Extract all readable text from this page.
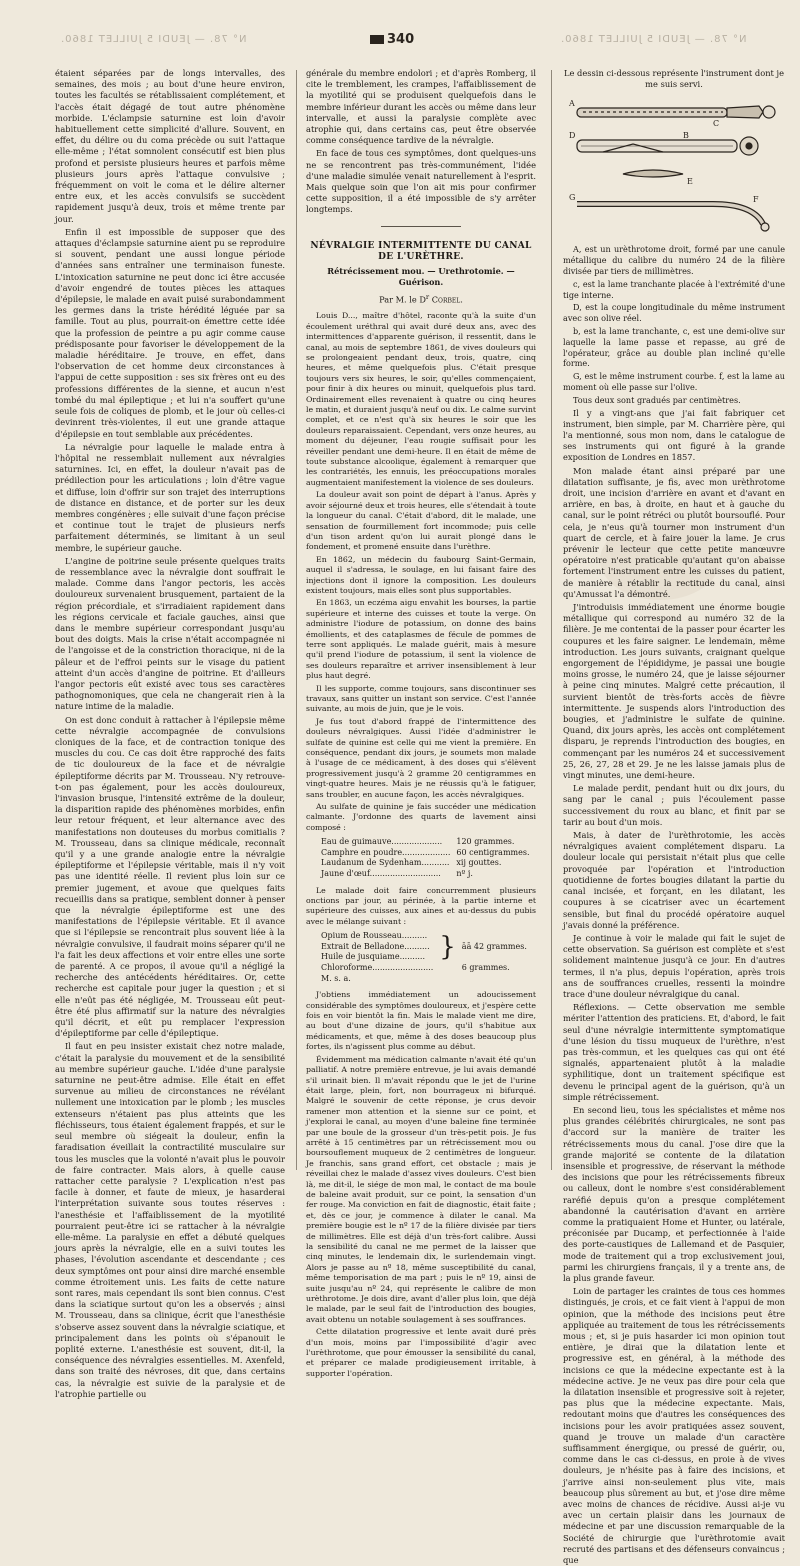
N° 78. — JEUDI 5 JUILLET 1860.	340	N° 78. — JEUDI 5 JUILLET 1860.

étaient séparées par de longs intervalles, des semaines, des mois ; au bout d'une heure environ, toutes les facultés se rétablissaient complétement, et l'accès était dégagé de tout autre phénomène morbide. L'éclampsie saturnine est loin d'avoir habituellement cette simplicité d'allure. Souvent, en effet, du délire ou du coma précède ou suit l'attaque elle-même ; l'état somnolent consécutif est bien plus profond et persiste plusieurs heures et parfois même plusieurs jours après l'attaque convulsive ; fréquemment on voit le coma et le délire alterner entre eux, et les accès convulsifs se succèdent rapidement jusqu'à deux, trois et même trente par jour.

Enfin il est impossible de supposer que des attaques d'éclampsie saturnine aient pu se reproduire si souvent, pendant une aussi longue période d'années sans entraîner une terminaison funeste. L'intoxication saturnine ne peut donc ici être accusée d'avoir engendré de toutes pièces les attaques d'épilepsie, le malade en avait puisé surabondamment les germes dans la triste hérédité léguée par sa famille. Tout au plus, pourrait-on émettre cette idée que la profession de peintre a pu agir comme cause prédisposante pour favoriser le développement de la maladie héréditaire. Je trouve, en effet, dans l'observation de cet homme deux circonstances à l'appui de cette supposition : ses six frères ont eu des professions différentes de la sienne, et aucun n'est tombé du mal épileptique ; et lui n'a souffert qu'une seule fois de coliques de plomb, et le jour où celles-ci devinrent très-violentes, il eut une grande attaque d'épilepsie en tout semblable aux précédentes.

La névralgie pour laquelle le malade entra à l'hôpital ne ressemblait nullement aux névralgies saturnines. Ici, en effet, la douleur n'avait pas de prédilection pour les articulations ; loin d'être vague et diffuse, loin d'offrir sur son trajet des interruptions de distance en distance, et de porter sur les deux membres congénères ; elle suivait d'une façon précise et continue tout le trajet de plusieurs nerfs parfaitement déterminés, se limitant à un seul membre, le supérieur gauche.

L'angine de poitrine seule présente quelques traits de ressemblance avec la névralgie dont souffrait le malade. Comme dans l'angor pectoris, les accès douloureux survenaient brusquement, partaient de la région précordiale, et s'irradiaient rapidement dans les régions cervicale et faciale gauches, ainsi que dans le membre supérieur correspondant jusqu'au bout des doigts. Mais la crise n'était accompagnée ni de l'angoisse et de la constriction thoracique, ni de la pâleur et de l'effroi peints sur le visage du patient atteint d'un accès d'angine de poitrine. Et d'ailleurs l'angor pectoris eût existé avec tous ses caractères pathognomoniques, que cela ne changerait rien à la nature intime de la maladie.

On est donc conduit à rattacher à l'épilepsie même cette névralgie accompagnée de convulsions cloniques de la face, et de contraction tonique des muscles du cou. Ce cas doit être rapproché des faits de tic douloureux de la face et de névralgie épileptiforme décrits par M. Trousseau. N'y retrouve-t-on pas également, pour les accès douloureux, l'invasion brusque, l'intensité extrême de la douleur, la disparition rapide des phénomènes morbides, enfin leur retour fréquent, et leur alternance avec des manifestations non douteuses du morbus comitialis ? M. Trousseau, dans sa clinique médicale, reconnaît qu'il y a une grande analogie entre la névralgie épileptiforme et l'épilepsie véritable, mais il n'y voit pas une identité réelle. Il revient plus loin sur ce premier jugement, et avoue que quelques faits recueillis dans sa pratique, semblent donner à penser que la névralgie épileptiforme est une des manifestations de l'épilepsie véritable. Et il avance que si l'épilepsie se rencontrait plus souvent liée à la névralgie convulsive, il faudrait moins séparer qu'il ne l'a fait les deux affections et voir entre elles une sorte de parenté. A ce propos, il avoue qu'il a négligé la recherche des antécédents héréditaires. Or, cette recherche est capitale pour juger la question ; et si elle n'eût pas été négligée, M. Trousseau eût peut-être été plus affirmatif sur la nature des névralgies qu'il décrit, et eût pu remplacer l'expression d'épileptiforme par celle d'épileptique.

Il faut en peu insister existait chez notre malade, c'était la paralysie du mouvement et de la sensibilité au membre supérieur gauche. L'idée d'une paralysie saturnine ne peut-être admise. Elle était en effet survenue au milieu de circonstances ne révélant nullement une intoxication par le plomb ; les muscles extenseurs n'étaient pas plus atteints que les fléchisseurs, tous étaient également frappés, et sur le seul membre où siégeait la douleur, enfin la faradisation éveillait la contractilité musculaire sur tous les muscles que la volonté n'avait plus le pouvoir de faire contracter. Mais alors, à quelle cause rattacher cette paralysie ? L'explication n'est pas facile à donner, et faute de mieux, je hasarderai l'interprétation suivante sous toutes réserves : l'anesthésie et l'affaiblissement de la myotilité pourraient peut-être ici se rattacher à la névralgie elle-même. La paralysie en effet a débuté quelques jours après la névralgie, elle en a suivi toutes les phases, l'évolution ascendante et descendante ; ces deux symptômes ont pour ainsi dire marché ensemble comme étroitement unis. Les faits de cette nature sont rares, mais cependant ils sont bien connus. C'est dans la sciatique surtout qu'on les a observés ; ainsi M. Trousseau, dans sa clinique, écrit que l'anesthésie s'observe assez souvent dans la névralgie sciatique, et principalement dans les points où s'épanouit le poplité externe. L'anesthésie est souvent, dit-il, la conséquence des névralgies essentielles. M. Axenfeld, dans son traité des névroses, dit que, dans certains cas, la névralgie est suivie de la paralysie et de l'atrophie partielle ou

générale du membre endolori ; et d'après Romberg, il cite le tremblement, les crampes, l'affaiblissement de la myotilité qui se produisent quelquefois dans le membre inférieur durant les accès ou même dans leur intervalle, et aussi la paralysie complète avec atrophie qui, dans certains cas, peut être observée comme conséquence tardive de la névralgie.

En face de tous ces symptômes, dont quelques-uns ne se rencontrent pas très-communément, l'idée d'une maladie simulée venait naturellement à l'esprit. Mais quelque soin que l'on ait mis pour confirmer cette supposition, il a été impossible de s'y arrêter longtemps.

NÉVRALGIE INTERMITTENTE DU CANAL DE L'URÈTHRE.

Rétrécissement mou. — Urethrotomie. — Guérison.

Par M. le $D^r$ Corbel.

Louis D..., maître d'hôtel, raconte qu'à la suite d'un écoulement uréthral qui avait duré deux ans, avec des intermittences d'apparente guérison, il ressentit, dans le canal, au mois de septembre 1861, de vives douleurs qui se prolongeaient pendant deux, trois, quatre, cinq heures, et même quelquefois plus. C'était presque toujours vers six heures, le soir, qu'elles commençaient, pour finir à dix heures ou minuit, quelquefois plus tard. Ordinairement elles revenaient à quatre ou cinq heures le matin, et duraient jusqu'à neuf ou dix. Le calme survint complet, et ce n'est qu'à six heures le soir que les douleurs reparaissaient. Cependant, vers onze heures, au moment du déjeuner, l'eau rougie suffisait pour les réveiller pendant une demi-heure. Il en était de même de toute substance alcoolique, également à remarquer que les contrariétés, les ennuis, les préoccupations morales augmentaient manifestement la violence de ses douleurs.

La douleur avait son point de départ à l'anus. Après y avoir séjourné deux et trois heures, elle s'étendait à toute la longueur du canal. C'était d'abord, dit le malade, une sensation de fourmillement fort incommode; puis celle d'un tison ardent qu'on lui aurait plongé dans le fondement, et promené ensuite dans l'urèthre.

En 1862, un médecin du faubourg Saint-Germain, auquel il s'adressa, le soulage, en lui faisant faire des injections dont il ignore la composition. Les douleurs existent toujours, mais elles sont plus supportables.

En 1863, un eczéma aigu envahit les bourses, la partie supérieure et interne des cuisses et toute la verge. On administre l'iodure de potassium, on donne des bains émollients, et des cataplasmes de fécule de pommes de terre sont appliqués. Le malade guérit, mais à mesure qu'il prend l'iodure de potassium, il sent la violence de ses douleurs reparaître et arriver insensiblement à leur plus haut degré.

Il les supporte, comme toujours, sans discontinuer ses travaux, sans quitter un instant son service. C'est l'année suivante, au mois de juin, que je le vois.

Je fus tout d'abord frappé de l'intermittence des douleurs névralgiques. Aussi l'idée d'administrer le sulfate de quinine est celle qui me vient la première. En conséquence, pendant dix jours, je soumets mon malade à l'usage de ce médicament, à des doses qui s'élèvent progressivement jusqu'à 2 gramme 20 centigrammes en vingt-quatre heures. Mais je ne réussis qu'à le fatiguer, sans troubler, en aucune façon, les accès névralgiques.

Au sulfate de quinine je fais succéder une médication calmante. J'ordonne des quarts de lavement ainsi composé :

Eau de guimauve....................	120 grammes.
Camphre en poudre...................	60 centigrammes.
Laudanum de Sydenham...........	xij gouttes.
Jaune d'œuf............................	nº j.

Le malade doit faire concurremment plusieurs onctions par jour, au périnée, à la partie interne et supérieure des cuisses, aux aines et au-dessus du pubis avec le mélange suivant :

Opium de Rousseau..........	}	āā 42 grammes.
Extrait de Belladone..........		
Huile de jusquiame..........		
Chloroforme........................		6 grammes.
M. s. a.		

J'obtiens immédiatement un adoucissement considérable des symptômes douloureux, et j'espère cette fois en voir bientôt la fin. Mais le malade vient me dire, au bout d'une dizaine de jours, qu'il s'habitue aux médicaments, et que, même à des doses beaucoup plus fortes, ils n'agissent plus comme au début.

Évidemment ma médication calmante n'avait été qu'un palliatif. A notre première entrevue, je lui avais demandé s'il urinait bien. Il m'avait répondu que le jet de l'urine était large, plein, fort, non bourrageux ni bifurqué. Malgré le souvenir de cette réponse, je crus devoir ramener mon attention et la sienne sur ce point, et j'explorai le canal, au moyen d'une baleine fine terminée par une boule de la grosseur d'un très-petit pois. Je fus arrêté à 15 centimètres par un rétrécissement mou ou boursouflement muqueux de 2 centimètres de longueur. Je franchis, sans grand effort, cet obstacle ; mais je réveillai chez le malade d'assez vives douleurs. C'est bien là, me dit-il, le siége de mon mal, le contact de ma boule de baleine avait produit, sur ce point, la sensation d'un fer rouge. Ma conviction en fait de diagnostic, était faite ; et, dès ce jour, je commence à dilater le canal. Ma première bougie est le nº 17 de la filière divisée par tiers de millimètres. Elle est déjà d'un très-fort calibre. Aussi la sensibilité du canal ne me permet de la laisser que cinq minutes, le lendemain dix, le surlendemain vingt. Alors je passe au nº 18, même susceptibilité du canal, même temporisation de ma part ; puis le nº 19, ainsi de suite jusqu'au nº 24, qui représente le calibre de mon urèthrotome. Je dois dire, avant d'aller plus loin, que déjà le malade, par le seul fait de l'introduction des bougies, avait obtenu un notable soulagement à ses souffrances.

Cette dilatation progressive et lente avait duré près d'un mois, moins par l'impossibilité d'agir avec l'urèthrotome, que pour émousser la sensibilité du canal, et préparer ce malade prodigieusement irritable, à supporter l'opération.

Le dessin ci-dessous représente l'instrument dont je me suis servi.

A
B
C
D
E
F
G

A, est un urèthrotome droit, formé par une canule métallique du calibre du numéro 24 de la filière divisée par tiers de millimètres.

c, est la lame tranchante placée à l'extrémité d'une tige interne.

D, est la coupe longitudinale du même instrument avec son olive réel.

b, est la lame tranchante, c, est une demi-olive sur laquelle la lame passe et repasse, au gré de l'opérateur, grâce au double plan incliné qu'elle forme.

G, est le même instrument courbe. f, est la lame au moment où elle passe sur l'olive.

Tous deux sont gradués par centimètres.

Il y a vingt-ans que j'ai fait fabriquer cet instrument, bien simple, par M. Charrière père, qui l'a mentionné, sous mon nom, dans le catalogue de ses instruments qui ont figuré à la grande exposition de Londres en 1857.

Mon malade étant ainsi préparé par une dilatation suffisante, je fis, avec mon urèthrotome droit, une incision d'arrière en avant et d'avant en arrière, en bas, à droite, en haut et à gauche du canal, sur le point rétréci ou plutôt boursouflé. Pour cela, je n'eus qu'à tourner mon instrument d'un quart de cercle, et à faire jouer la lame. Je crus prévenir le lecteur que cette petite manœuvre opératoire n'est praticable qu'autant qu'on abaisse fortement l'instrument entre les cuisses du patient, de manière à rétablir la rectitude du canal, ainsi qu'Amussat l'a démontré.

J'introduisis immédiatement une énorme bougie métallique qui correspond au numéro 32 de la filière. Je me contentai de la passer pour écarter les coupures et les faire saigner. Le lendemain, même introduction. Les jours suivants, craignant quelque engorgement de l'épididyme, je passai une bougie moins grosse, le numéro 24, que je laisse séjourner à peine cinq minutes. Malgré cette précaution, il survient bientôt de très-forts accès de fièvre intermittente. Je suspends alors l'introduction des bougies, et j'administre le sulfate de quinine. Quand, dix jours après, les accès ont complétement disparu, je reprends l'introduction des bougies, en commençant par les numéros 24 et successivement 25, 26, 27, 28 et 29. Je ne les laisse jamais plus de vingt minutes, une demi-heure.

Le malade perdit, pendant huit ou dix jours, du sang par le canal ; puis l'écoulement passe successivement du roux au blanc, et finit par se tarir au bout d'un mois.

Mais, à dater de l'urèthrotomie, les accès névralgiques avaient complétement disparu. La douleur locale qui persistait n'était plus que celle provoquée par l'opération et l'introduction quotidienne de fortes bougies dilatant la partie du canal incisée, et forçant, en les dilatant, les coupures à se cicatriser avec un écartement sensible, but final du procédé opératoire auquel j'avais donné la préférence.

Je continue à voir le malade qui fait le sujet de cette observation. Sa guérison est complète et s'est solidement maintenue jusqu'à ce jour. En d'autres termes, il n'a plus, depuis l'opération, après trois ans de souffrances cruelles, ressenti la moindre trace d'une douleur névralgique du canal.

Réflexions. — Cette observation me semble mériter l'attention des praticiens. Et, d'abord, le fait seul d'une névralgie intermittente symptomatique d'une lésion du tissu muqueux de l'urèthre, n'est pas très-commun, et les quelques cas qui ont été signalés, appartenaient plutôt à la maladie syphilitique, dont un traitement spécifique est devenu le principal agent de la guérison, qu'à un simple rétrécissement.

En second lieu, tous les spécialistes et même nos plus grandes célébrités chirurgicales, ne sont pas d'accord sur la manière de traiter les rétrécissements mous du canal. J'ose dire que la grande majorité se contente de la dilatation insensible et progressive, de réservant la méthode des incisions que pour les rétrécissements fibreux ou calleux, dont le nombre s'est considérablement raréfié depuis qu'on a presque complétement abandonné la cautérisation d'avant en arrière comme la pratiquaient Home et Hunter, ou latérale, préconisée par Ducamp, et perfectionnée à l'aide des porte-caustiques de Lallemand et de Pasquier, mode de traitement qui a trop exclusivement joui, parmi les chirurgiens français, il y a trente ans, de la plus grande faveur.

Loin de partager les craintes de tous ces hommes distingués, je crois, et ce fait vient à l'appui de mon opinion, que la méthode des incisions peut être appliquée au traitement de tous les rétrécissements mous ; et, si je puis hasarder ici mon opinion tout entière, je dirai que la dilatation lente et progressive est, en général, à la méthode des incisions ce que la médecine expectante est à la médecine active. Je ne veux pas dire pour cela que la dilatation insensible et progressive soit à rejeter, pas plus que la médecine expectante. Mais, redoutant moins que d'autres les conséquences des incisions pour les avoir pratiquées assez souvent, quand je trouve un malade d'un caractère suffisamment énergique, ou pressé de guérir, ou, comme dans le cas ci-dessus, en proie à de vives douleurs, je n'hésite pas à faire des incisions, et j'arrive ainsi non-seulement plus vite, mais beaucoup plus sûrement au but, et j'ose dire même avec moins de chances de récidive. Aussi ai-je vu avec un certain plaisir dans les journaux de médecine et par une discussion remarquable de la Société de chirurgie que l'urèthrotomie avait recruté des partisans et des défenseurs convaincus ; que
